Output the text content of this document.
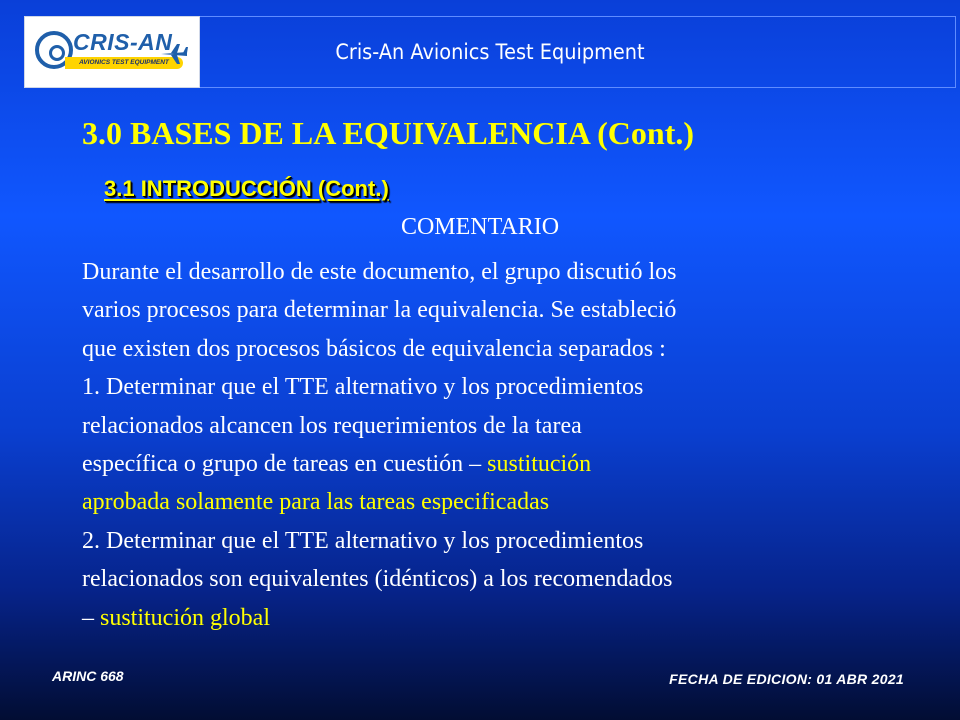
CRIS-AN
AVIONICS TEST EQUIPMENT	Cris-An Avionics Test Equipment
3.0 BASES DE LA EQUIVALENCIA (Cont.)
3.1 INTRODUCCIÓN (Cont.)
COMENTARIO
Durante el desarrollo de este documento, el grupo discutió los
varios procesos para determinar la equivalencia. Se estableció
que existen dos procesos básicos de equivalencia separados :
1. Determinar que el TTE alternativo y los procedimientos
relacionados alcancen los requerimientos de la tarea
específica o grupo de tareas en cuestión – sustitución
aprobada solamente para las tareas especificadas
2. Determinar que el TTE alternativo y los procedimientos
relacionados son equivalentes (idénticos) a los recomendados
– sustitución global
ARINC 668	FECHA DE EDICION: 01 ABR 2021
